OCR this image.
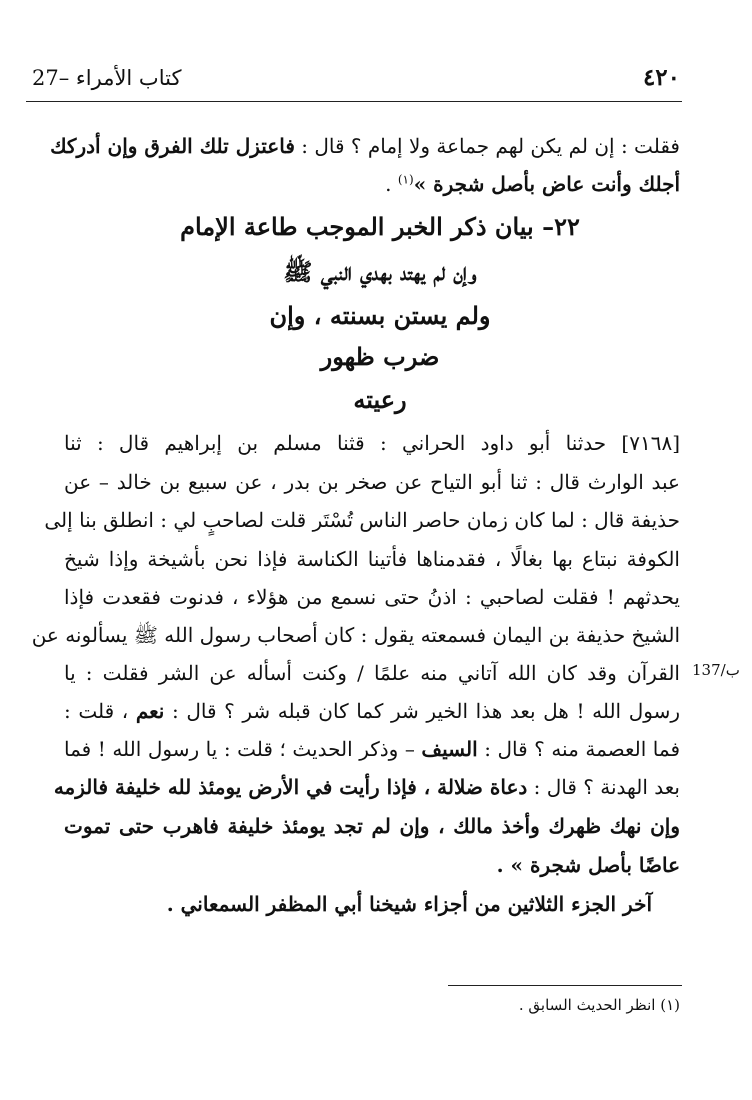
27– كتاب الأمراء	٤٢٠
فقلت : إن لم يكن لهم جماعة ولا إمام ؟ قال : فاعتزل تلك الفرق وإن أدركك
أجلك وأنت عاض بأصل شجرة »$^{(١)}$ .
٢٢– بيان ذكر الخبر الموجب طاعة الإمام
وإن لم يهتد بهدي النبي ﷺ
ولم يستن بسنته ، وإن
ضرب ظهور
رعيته
[٧١٦٨] حدثنا أبو داود الحراني : قثنا مسلم بن إبراهيم قال : ثنا
عبد الوارث قال : ثنا أبو التياح عن صخر بن بدر ، عن سبيع بن خالد – عن
حذيفة قال : لما كان زمان حاصر الناس تُسْتَر قلت لصاحبٍ لي : انطلق بنا إلى
الكوفة نبتاع بها بغالًا ، فقدمناها فأتينا الكناسة فإذا نحن بأشيخة وإذا شيخ
يحدثهم ! فقلت لصاحبي : اذنُ حتى نسمع من هؤلاء ، فدنوت فقعدت فإذا
الشيخ حذيفة بن اليمان فسمعته يقول : كان أصحاب رسول الله ﷺ يسألونه عن
القرآن وقد كان الله آتاني منه علمًا / وكنت أسأله عن الشر فقلت : يا
رسول الله ! هل بعد هذا الخير شر كما كان قبله شر ؟ قال : نعم ، قلت :
فما العصمة منه ؟ قال : السيف – وذكر الحديث ؛ قلت : يا رسول الله ! فما
بعد الهدنة ؟ قال : دعاة ضلالة ، فإذا رأيت في الأرض يومئذ لله خليفة فالزمه
وإن نهك ظهرك وأخذ مالك ، وإن لم تجد يومئذ خليفة فاهرب حتى تموت
عاضًا بأصل شجرة » .
آخر الجزء الثلاثين من أجزاء شيخنا أبي المظفر السمعاني .
137/ب
(١) انظر الحديث السابق .
